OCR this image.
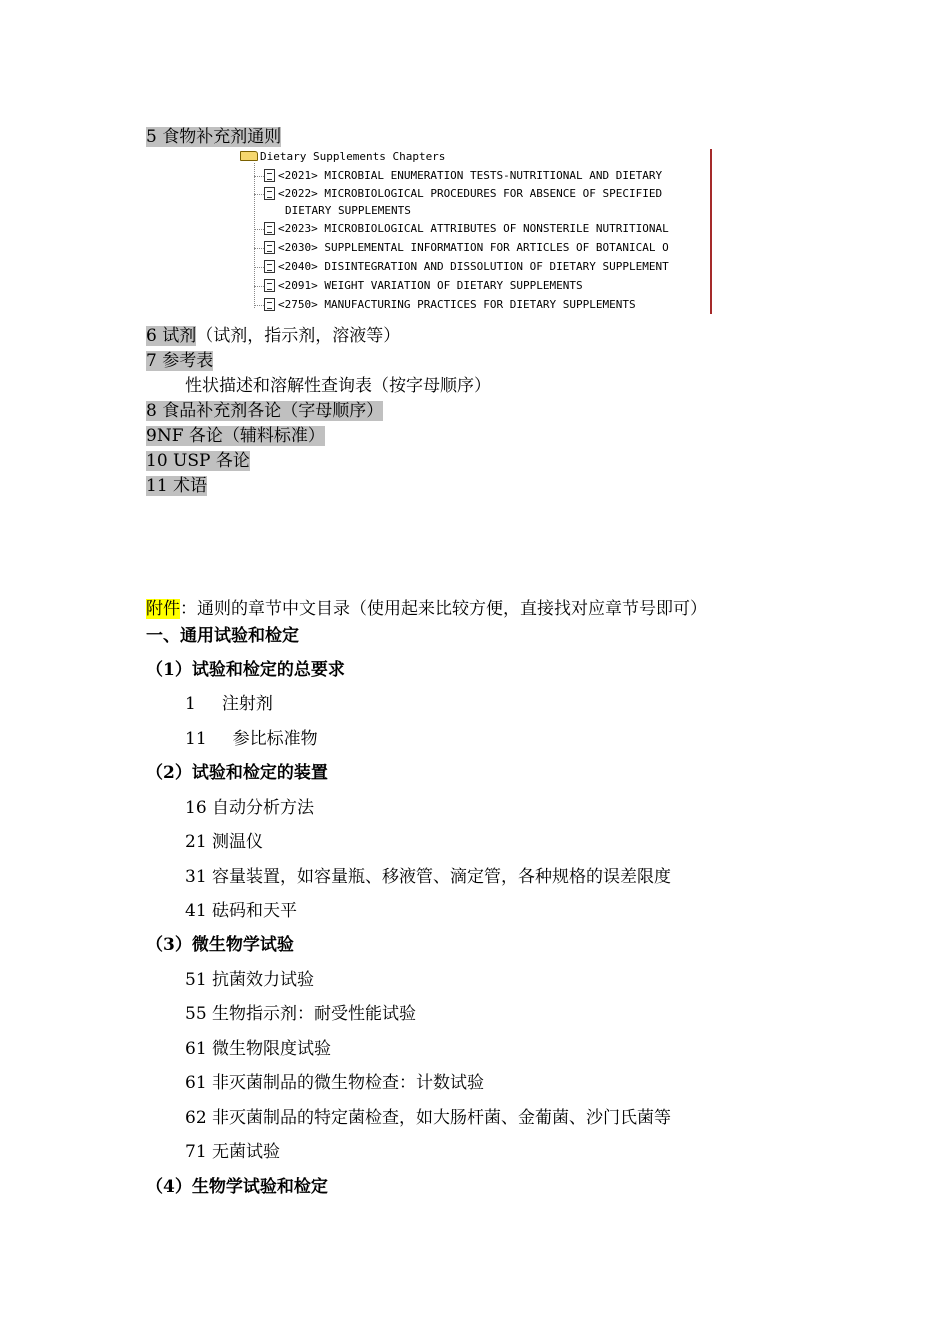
5 食物补充剂通则
Dietary Supplements Chapters
<2021> MICROBIAL ENUMERATION TESTS-NUTRITIONAL AND DIETARY
<2022> MICROBIOLOGICAL PROCEDURES FOR ABSENCE OF SPECIFIED
DIETARY SUPPLEMENTS
<2023> MICROBIOLOGICAL ATTRIBUTES OF NONSTERILE NUTRITIONAL
<2030> SUPPLEMENTAL INFORMATION FOR ARTICLES OF BOTANICAL O
<2040> DISINTEGRATION AND DISSOLUTION OF DIETARY SUPPLEMENT
<2091> WEIGHT VARIATION OF DIETARY SUPPLEMENTS
<2750> MANUFACTURING PRACTICES FOR DIETARY SUPPLEMENTS
6 试剂（试剂，指示剂，溶液等）
7 参考表
性状描述和溶解性查询表（按字母顺序）
8 食品补充剂各论（字母顺序）
9NF 各论（辅料标准）
10 USP 各论
11 术语
附件：通则的章节中文目录（使用起来比较方便，直接找对应章节号即可）
一、通用试验和检定
（1）试验和检定的总要求
1 注射剂
11 参比标准物
（2）试验和检定的装置
16 自动分析方法
21 测温仪
31 容量装置，如容量瓶、移液管、滴定管，各种规格的误差限度
41 砝码和天平
（3）微生物学试验
51 抗菌效力试验
55 生物指示剂：耐受性能试验
61 微生物限度试验
61 非灭菌制品的微生物检查：计数试验
62 非灭菌制品的特定菌检查，如大肠杆菌、金葡菌、沙门氏菌等
71 无菌试验
（4）生物学试验和检定
